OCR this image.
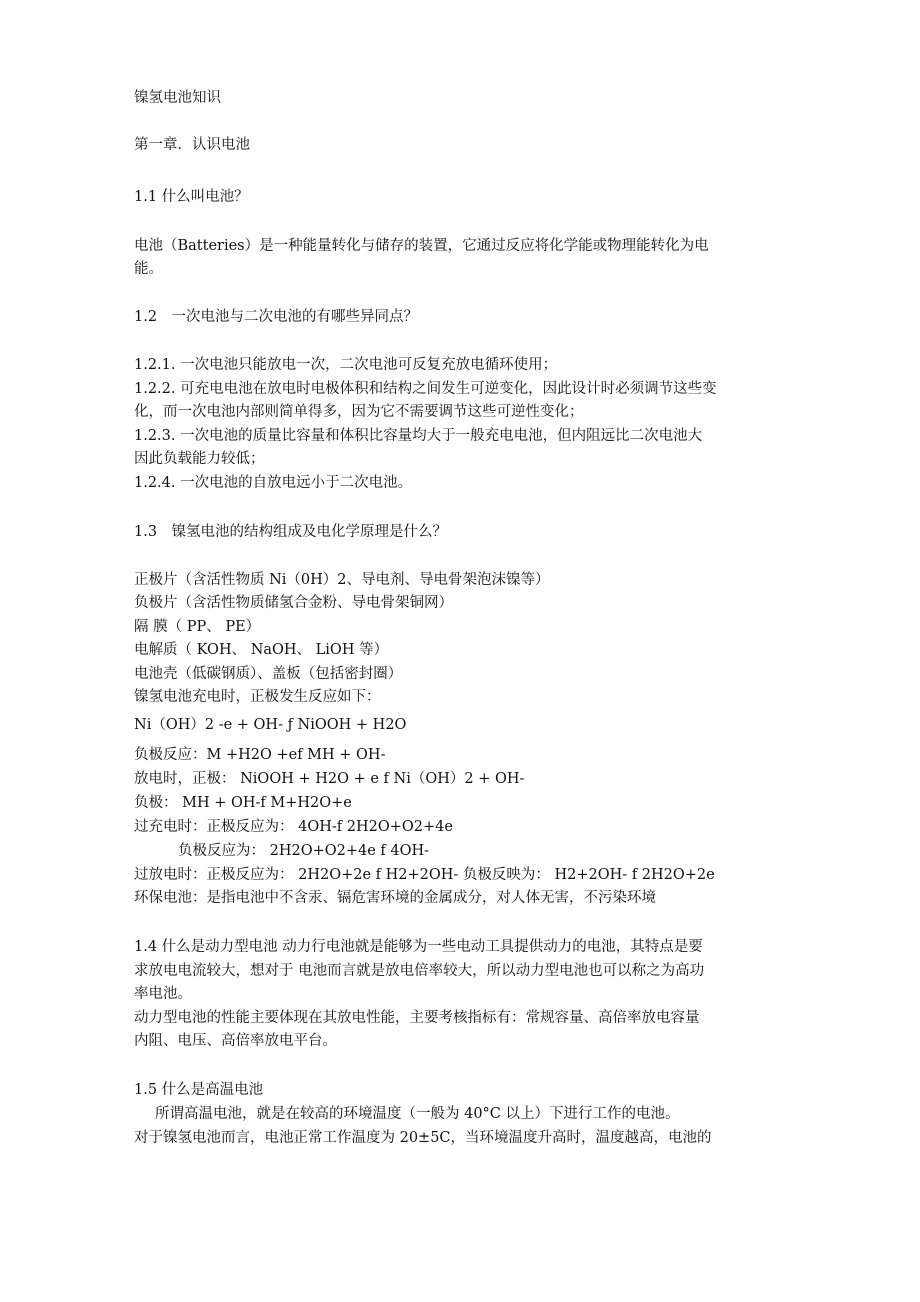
镍氢电池知识
第一章．认识电池
1.1 什么叫电池？
电池（Batteries）是一种能量转化与储存的装置，它通过反应将化学能或物理能转化为电
能。
1.2　一次电池与二次电池的有哪些异同点？
1.2.1. 一次电池只能放电一次，二次电池可反复充放电循环使用；
1.2.2. 可充电电池在放电时电极体积和结构之间发生可逆变化，因此设计时必须调节这些变
化，而一次电池内部则简单得多，因为它不需要调节这些可逆性变化；
1.2.3. 一次电池的质量比容量和体积比容量均大于一般充电电池，但内阻远比二次电池大
因此负载能力较低；
1.2.4. 一次电池的自放电远小于二次电池。
1.3　镍氢电池的结构组成及电化学原理是什么？
正极片（含活性物质 Ni（0H）2、导电剂、导电骨架泡沫镍等）
负极片（含活性物质储氢合金粉、导电骨架铜网）
隔 膜（ PP、 PE）
电解质（ KOH、 NaOH、 LiOH 等）
电池壳（低碳钢质）、盖板（包括密封圈）
镍氢电池充电时，正极发生反应如下：
Ni（OH）2 -e + OH- ƒ NiOOH + H2O
负极反应：M +H2O +ef MH + OH-
放电时，正极： NiOOH + H2O + e f Ni（OH）2 + OH-
负极： MH + OH-f M+H2O+e
过充电时：正极反应为： 4OH-f 2H2O+O2+4e
负极反应为： 2H2O+O2+4e f 4OH-
过放电时：正极反应为： 2H2O+2e f H2+2OH- 负极反映为： H2+2OH- f 2H2O+2e
环保电池：是指电池中不含汞、镉危害环境的金属成分，对人体无害，不污染环境
1.4 什么是动力型电池 动力行电池就是能够为一些电动工具提供动力的电池，其特点是要
求放电电流较大，想对于 电池而言就是放电倍率较大，所以动力型电池也可以称之为高功
率电池。
动力型电池的性能主要体现在其放电性能，主要考核指标有：常规容量、高倍率放电容量
内阻、电压、高倍率放电平台。
1.5 什么是高温电池
所谓高温电池，就是在较高的环境温度（一般为 40°C 以上）下进行工作的电池。
对于镍氢电池而言，电池正常工作温度为 20±5C，当环境温度升高时，温度越高，电池的
